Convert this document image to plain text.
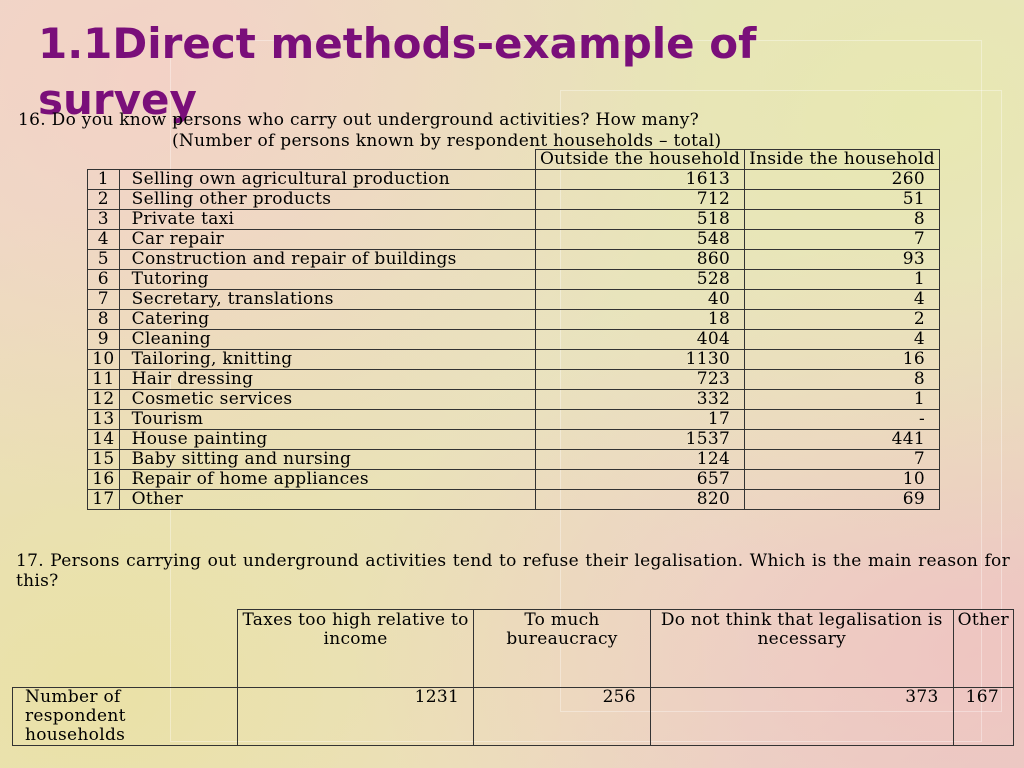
1.1Direct methods-example of survey

16. Do you know persons who carry out underground activities? How many?

(Number of persons known by respondent households – total)

		Outside the household	Inside the household
1	Selling own agricultural production	1613	260
2	Selling other products	712	51
3	Private taxi	518	8
4	Car repair	548	7
5	Construction and repair of buildings	860	93
6	Tutoring	528	1
7	Secretary, translations	40	4
8	Catering	18	2
9	Cleaning	404	4
10	Tailoring, knitting	1130	16
11	Hair dressing	723	8
12	Cosmetic services	332	1
13	Tourism	17	-
14	House painting	1537	441
15	Baby sitting and nursing	124	7
16	Repair of home appliances	657	10
17	Other	820	69

17. Persons carrying out underground activities tend to refuse their legalisation. Which is the main reason for this?

	Taxes too high relative to income	To much bureaucracy	Do not think that legalisation is necessary	Other
Number of respondent households	1231	256	373	167
